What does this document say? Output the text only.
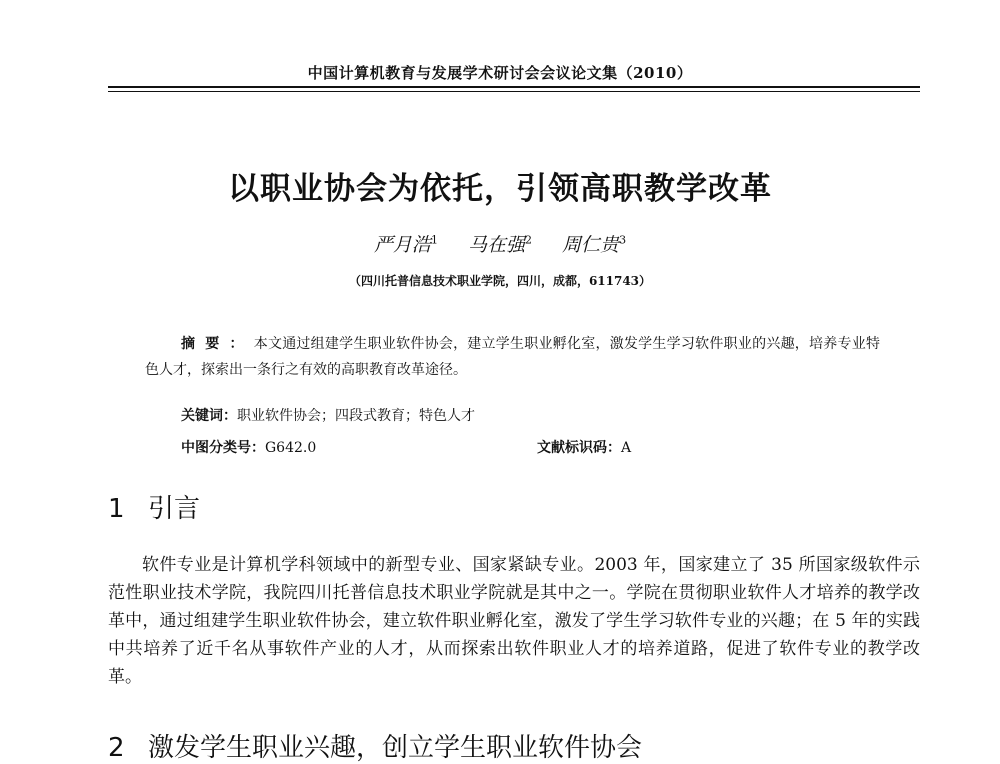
中国计算机教育与发展学术研讨会会议论文集（2010）
以职业协会为依托，引领高职教学改革
严月浩$^1$ 马在强$^2$ 周仁贵$^3$
（四川托普信息技术职业学院，四川，成都，611743）
摘要：本文通过组建学生职业软件协会，建立学生职业孵化室，激发学生学习软件职业的兴趣，培养专业特色人才，探索出一条行之有效的高职教育改革途径。
关键词：职业软件协会；四段式教育；特色人才
中图分类号：G642.0	文献标识码：A
1 引言
软件专业是计算机学科领域中的新型专业、国家紧缺专业。2003 年，国家建立了 35 所国家级软件示范性职业技术学院，我院四川托普信息技术职业学院就是其中之一。学院在贯彻职业软件人才培养的教学改革中，通过组建学生职业软件协会，建立软件职业孵化室，激发了学生学习软件专业的兴趣；在 5 年的实践中共培养了近千名从事软件产业的人才，从而探索出软件职业人才的培养道路，促进了软件专业的教学改革。
2 激发学生职业兴趣，创立学生职业软件协会
